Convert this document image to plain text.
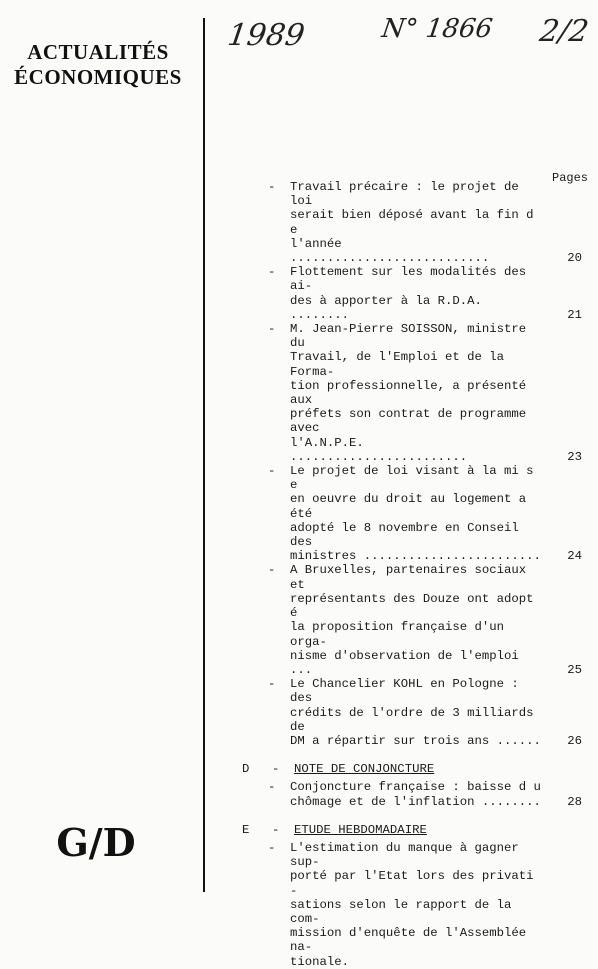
ACTUALITÉS
ÉCONOMIQUES
G/D
1989	N° 1866 2/2
Pages
-	Travail précaire : le projet de loi
serait bien déposé avant la fin d e
l'année ...........................	20
-	Flottement sur les modalités des ai-
des à apporter à la R.D.A. ........	21
-	M. Jean-Pierre SOISSON, ministre du
Travail, de l'Emploi et de la Forma-
tion professionnelle, a présenté aux
préfets son contrat de programme avec
l'A.N.P.E. ........................	23
-	Le projet de loi visant à la mi s e
en oeuvre du droit au logement a été
adopté le 8 novembre en Conseil des
ministres ........................	24
-	A Bruxelles, partenaires sociaux et
représentants des Douze ont adopt é
la proposition française d'un orga-
nisme d'observation de l'emploi ...	25
-	Le Chancelier KOHL en Pologne : des
crédits de l'ordre de 3 milliards de
DM a répartir sur trois ans ......	26
D	-	NOTE DE CONJONCTURE
-	Conjoncture française : baisse d u
chômage et de l'inflation ........	28
E	-	ETUDE HEBDOMADAIRE
-	L'estimation du manque à gagner sup-
porté par l'Etat lors des privati -
sations selon le rapport de la com-
mission d'enquête de l'Assemblée na-
tionale.
